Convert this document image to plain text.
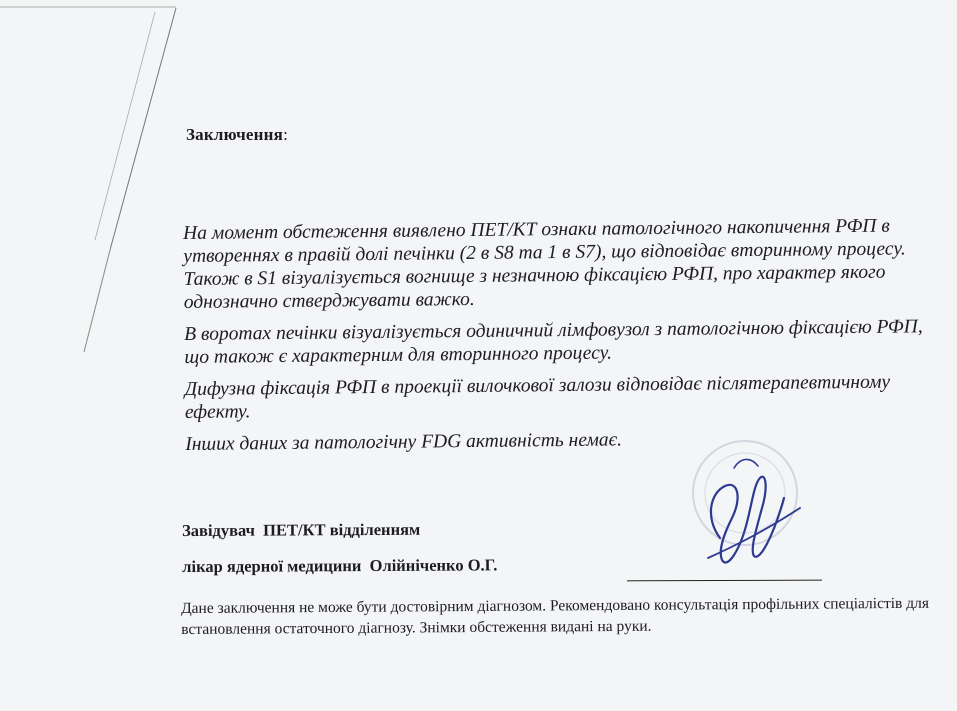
Заключення:

На момент обстеження виявлено ПЕТ/КТ ознаки патологічного накопичення РФП в утвореннях в правій долі печінки (2 в S8 та 1 в S7), що відповідає вторинному процесу. Також в S1 візуалізується вогнище з незначною фіксацією РФП, про характер якого однозначно стверджувати важко.

В воротах печінки візуалізується одиничний лімфовузол з патологічною фіксацією РФП, що також є характерним для вторинного процесу.

Дифузна фіксація РФП в проекції вилочкової залози відповідає післятерапевтичному ефекту.

Інших даних за патологічну FDG активність немає.

Завідувач  ПЕТ/КТ відділенням
лікар ядерної медицини  Олійніченко О.Г.
Дане заключення не може бути достовірним діагнозом. Рекомендовано консультація профільних спеціалістів для встановлення остаточного діагнозу. Знімки обстеження видані на руки.
